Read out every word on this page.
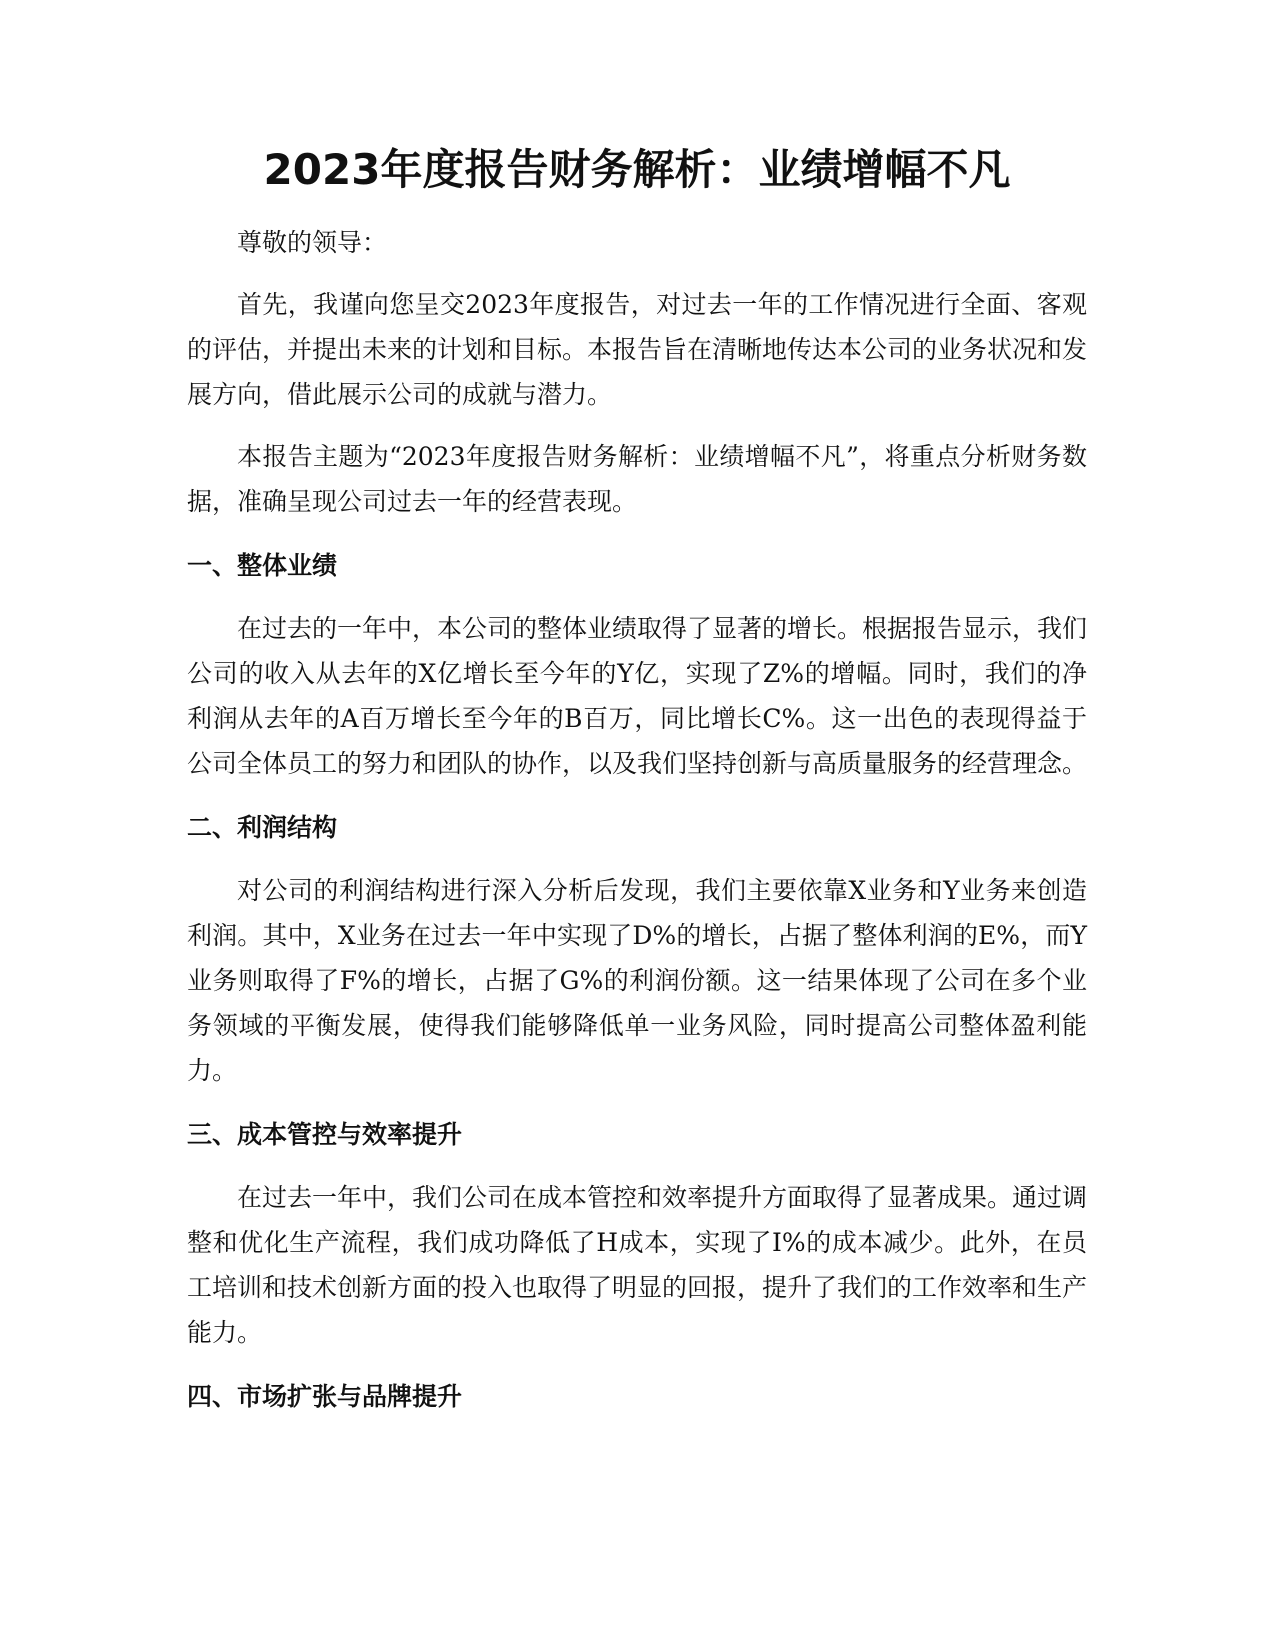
2023年度报告财务解析：业绩增幅不凡

尊敬的领导：

首先，我谨向您呈交2023年度报告，对过去一年的工作情况进行全面、客观的评估，并提出未来的计划和目标。本报告旨在清晰地传达本公司的业务状况和发展方向，借此展示公司的成就与潜力。

本报告主题为“2023年度报告财务解析：业绩增幅不凡”，将重点分析财务数据，准确呈现公司过去一年的经营表现。

一、整体业绩

在过去的一年中，本公司的整体业绩取得了显著的增长。根据报告显示，我们公司的收入从去年的X亿增长至今年的Y亿，实现了Z%的增幅。同时，我们的净利润从去年的A百万增长至今年的B百万，同比增长C%。这一出色的表现得益于公司全体员工的努力和团队的协作，以及我们坚持创新与高质量服务的经营理念。

二、利润结构

对公司的利润结构进行深入分析后发现，我们主要依靠X业务和Y业务来创造利润。其中，X业务在过去一年中实现了D%的增长，占据了整体利润的E%，而Y业务则取得了F%的增长，占据了G%的利润份额。这一结果体现了公司在多个业务领域的平衡发展，使得我们能够降低单一业务风险，同时提高公司整体盈利能力。

三、成本管控与效率提升

在过去一年中，我们公司在成本管控和效率提升方面取得了显著成果。通过调整和优化生产流程，我们成功降低了H成本，实现了I%的成本减少。此外，在员工培训和技术创新方面的投入也取得了明显的回报，提升了我们的工作效率和生产能力。

四、市场扩张与品牌提升
